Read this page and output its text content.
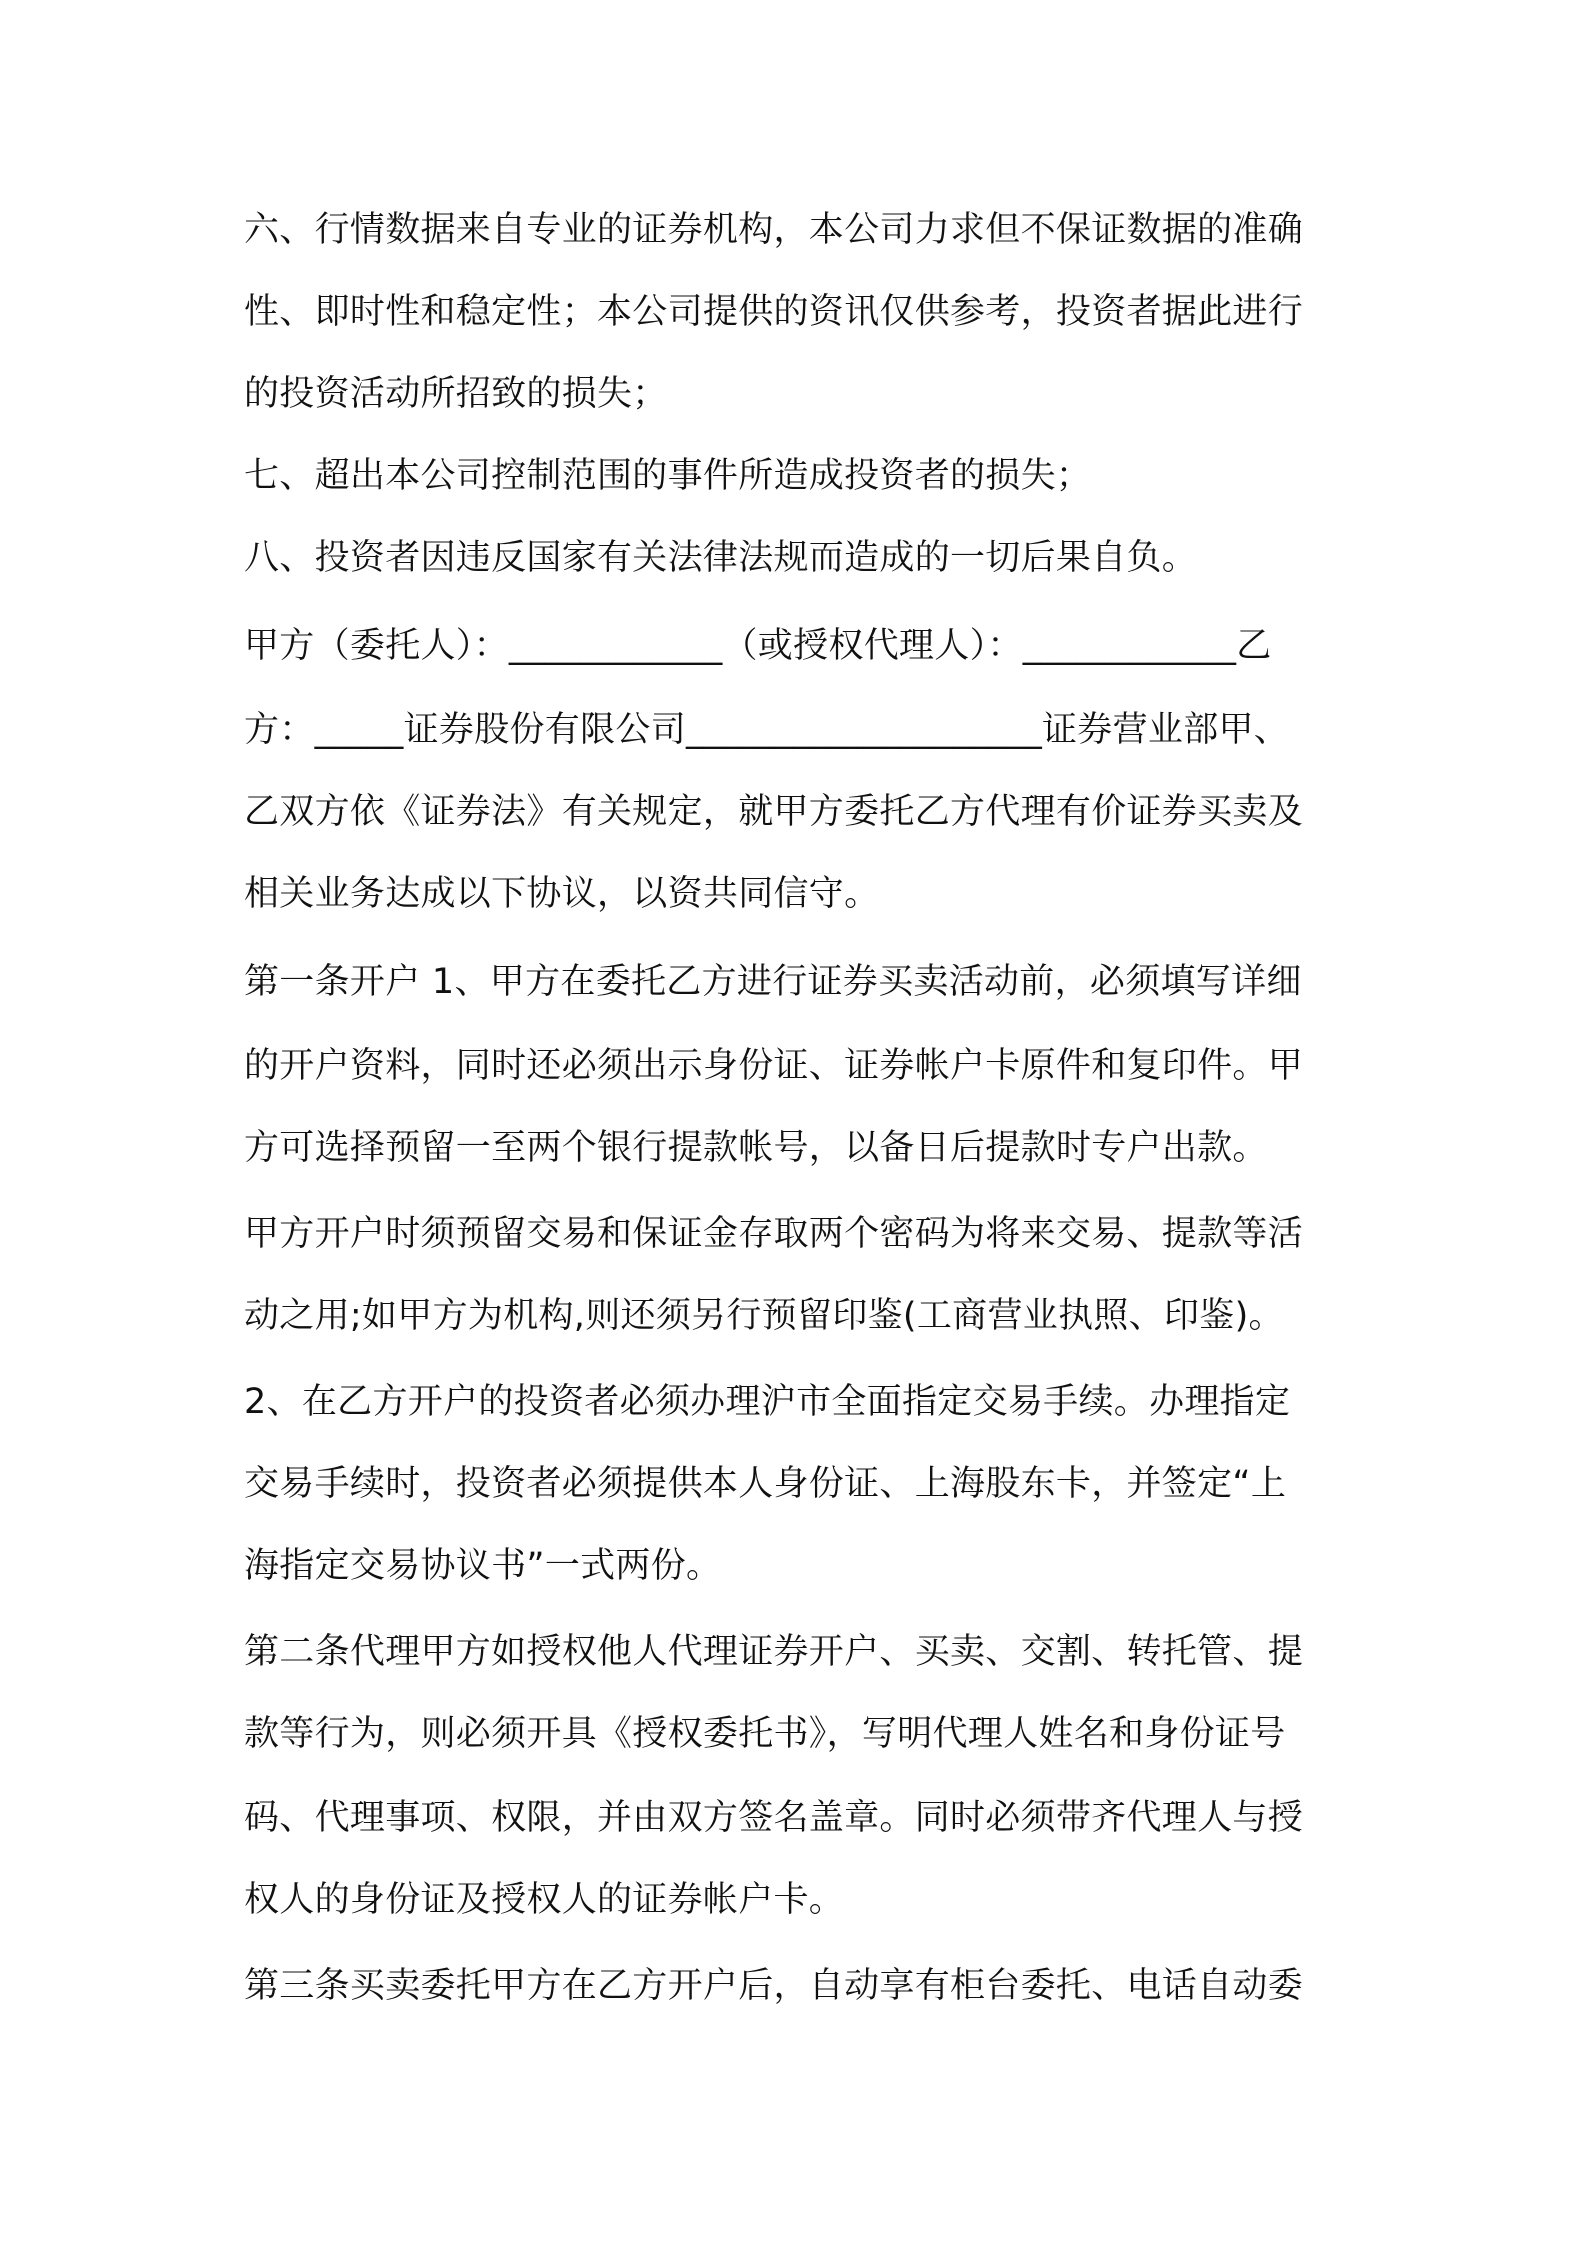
六、行情数据来自专业的证券机构，本公司力求但不保证数据的准确
性、即时性和稳定性；本公司提供的资讯仅供参考，投资者据此进行
的投资活动所招致的损失；
七、超出本公司控制范围的事件所造成投资者的损失；
八、投资者因违反国家有关法律法规而造成的一切后果自负。
甲方（委托人）：____________（或授权代理人）：____________乙
方：_____证券股份有限公司____________________证券营业部甲、
乙双方依《证券法》有关规定，就甲方委托乙方代理有价证券买卖及
相关业务达成以下协议，以资共同信守。
第一条开户 1、甲方在委托乙方进行证券买卖活动前，必须填写详细
的开户资料，同时还必须出示身份证、证券帐户卡原件和复印件。甲
方可选择预留一至两个银行提款帐号，以备日后提款时专户出款。
甲方开户时须预留交易和保证金存取两个密码为将来交易、提款等活
动之用;如甲方为机构,则还须另行预留印鉴(工商营业执照、印鉴)。
2、在乙方开户的投资者必须办理沪市全面指定交易手续。办理指定
交易手续时，投资者必须提供本人身份证、上海股东卡，并签定“上
海指定交易协议书”一式两份。
第二条代理甲方如授权他人代理证券开户、买卖、交割、转托管、提
款等行为，则必须开具《授权委托书》，写明代理人姓名和身份证号
码、代理事项、权限，并由双方签名盖章。同时必须带齐代理人与授
权人的身份证及授权人的证券帐户卡。
第三条买卖委托甲方在乙方开户后，自动享有柜台委托、电话自动委
